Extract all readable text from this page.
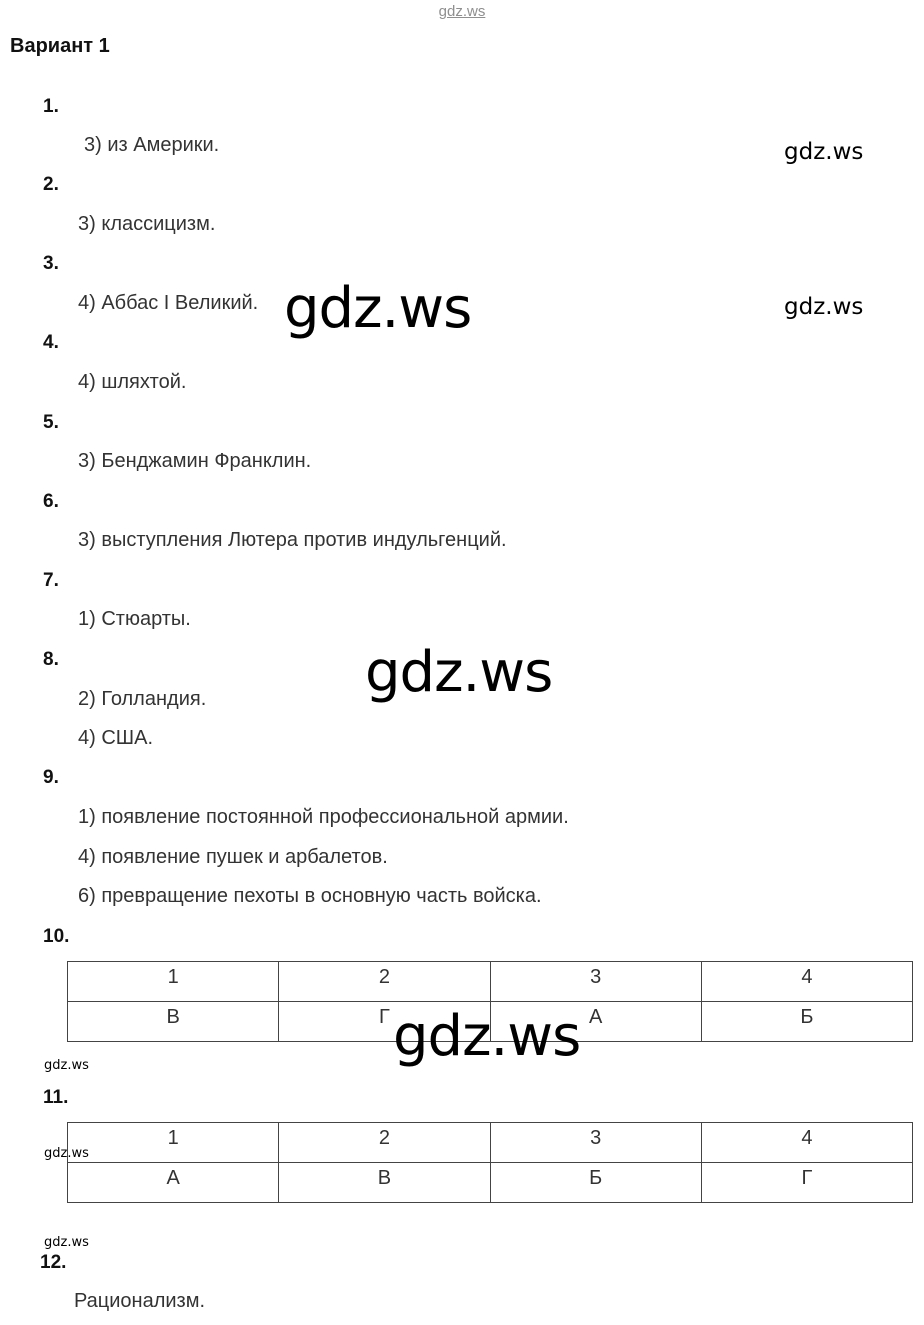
gdz.ws
Вариант 1
1.
3) из Америки.
2.
3) классицизм.
3.
4) Аббас I Великий.
4.
4) шляхтой.
5.
3) Бенджамин Франклин.
6.
3) выступления Лютера против индульгенций.
7.
1) Стюарты.
8.
2) Голландия.
4) США.
9.
1) появление постоянной профессиональной армии.
4) появление пушек и арбалетов.
6) превращение пехоты в основную часть войска.
10.
1	2	3	4
В	Г	А	Б
11.
1	2	3	4
А	В	Б	Г
12.
Рационализм.
gdz.ws
gdz.ws
gdz.ws
gdz.ws
gdz.ws
gdz.ws
gdz.ws
gdz.ws
